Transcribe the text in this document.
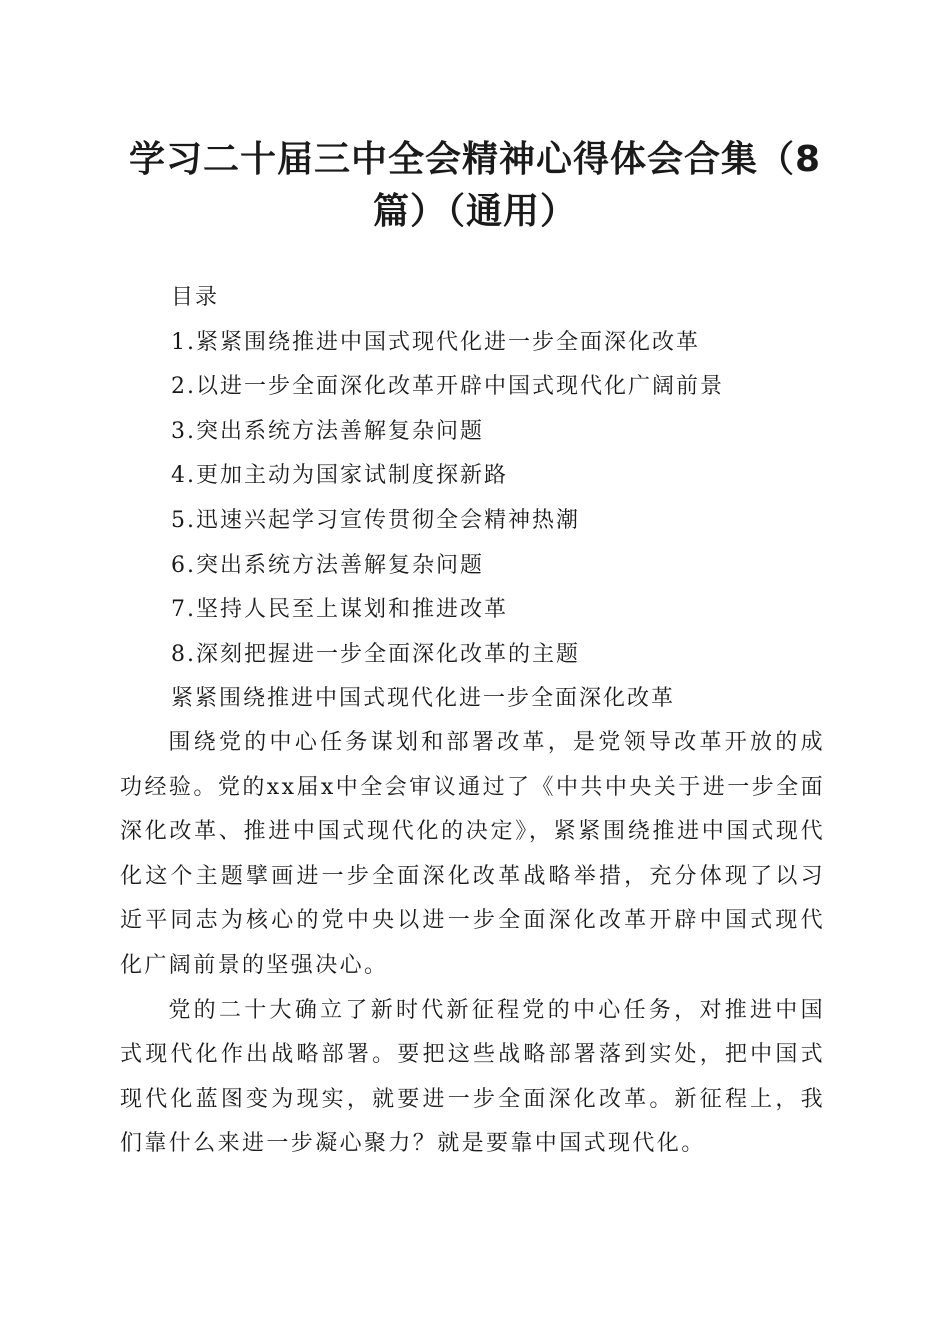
学习二十届三中全会精神心得体会合集（8篇）（通用）
目录
1.紧紧围绕推进中国式现代化进一步全面深化改革
2.以进一步全面深化改革开辟中国式现代化广阔前景
3.突出系统方法善解复杂问题
4.更加主动为国家试制度探新路
5.迅速兴起学习宣传贯彻全会精神热潮
6.突出系统方法善解复杂问题
7.坚持人民至上谋划和推进改革
8.深刻把握进一步全面深化改革的主题
紧紧围绕推进中国式现代化进一步全面深化改革

围绕党的中心任务谋划和部署改革，是党领导改革开放的成功经验。党的xx届x中全会审议通过了《中共中央关于进一步全面深化改革、推进中国式现代化的决定》，紧紧围绕推进中国式现代化这个主题擘画进一步全面深化改革战略举措，充分体现了以习近平同志为核心的党中央以进一步全面深化改革开辟中国式现代化广阔前景的坚强决心。

党的二十大确立了新时代新征程党的中心任务，对推进中国式现代化作出战略部署。要把这些战略部署落到实处，把中国式现代化蓝图变为现实，就要进一步全面深化改革。新征程上，我们靠什么来进一步凝心聚力？就是要靠中国式现代化。
